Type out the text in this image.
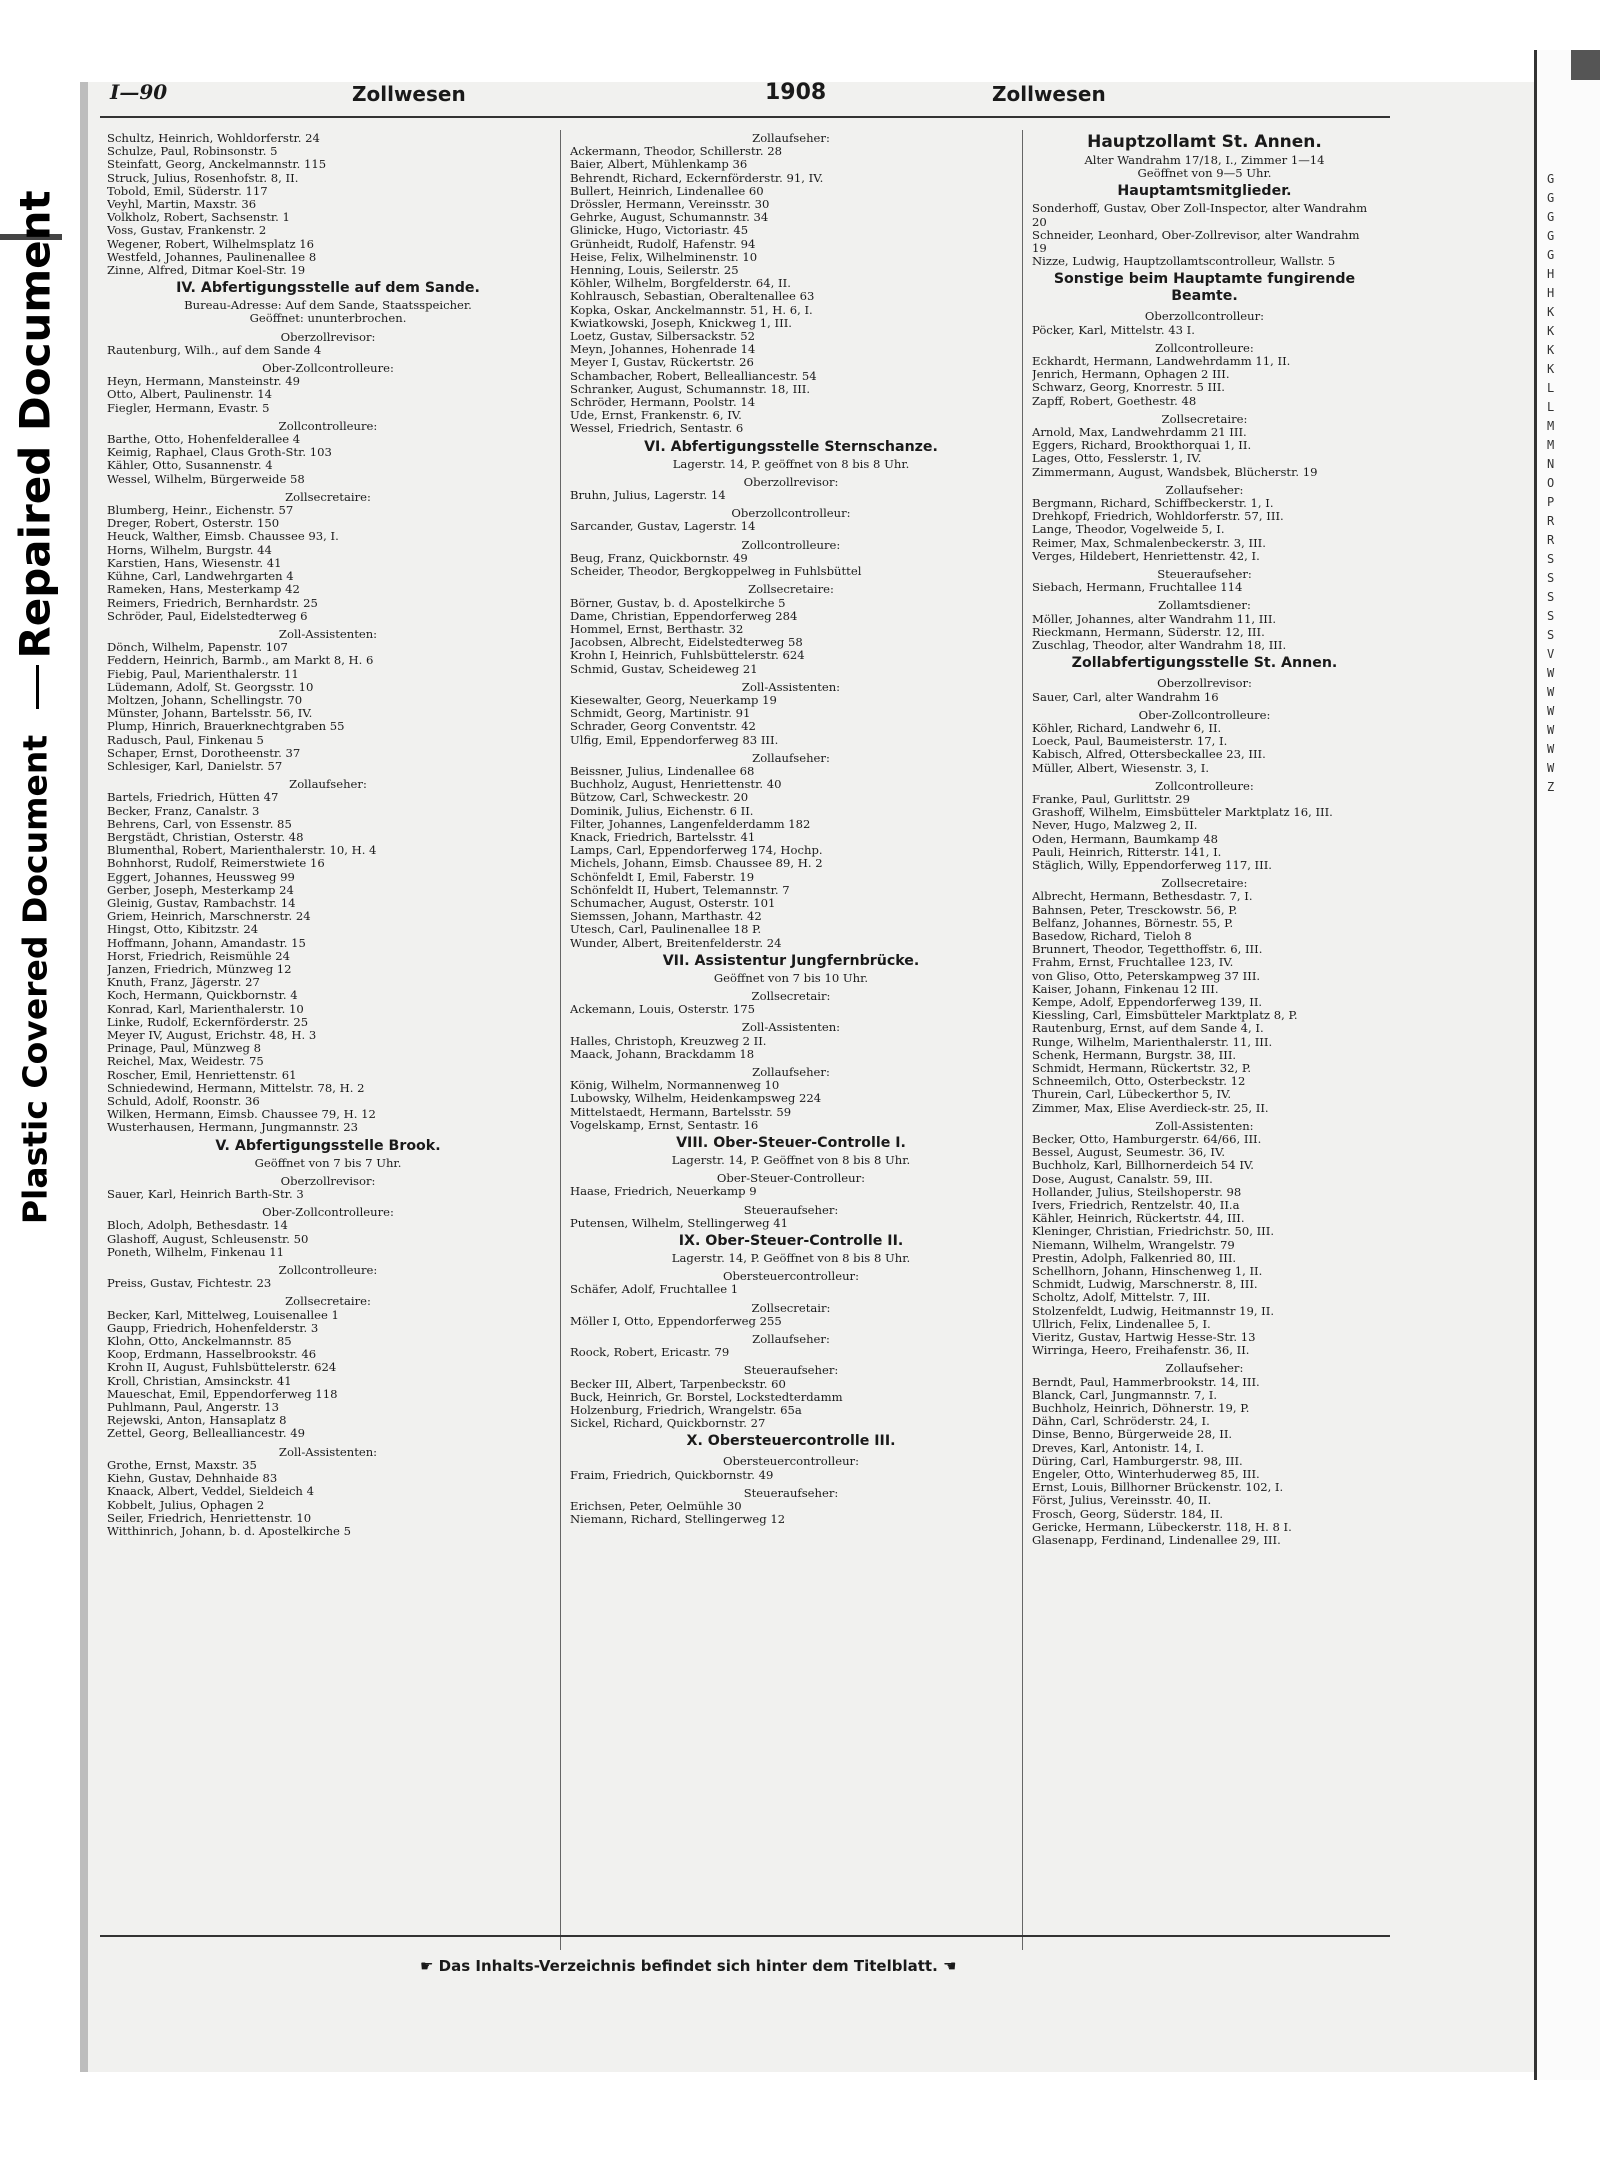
Repaired Document
Plastic Covered Document
G
G
G
G
G
H
H
K
K
K
K
L
L
M
M
N
O
P
R
R
S
S
S
S
S
V
W
W
W
W
W
W
Z
I—90	Zollwesen	1908	Zollwesen
Schultz, Heinrich, Wohldorferstr. 24
Schulze, Paul, Robinsonstr. 5
Steinfatt, Georg, Anckelmannstr. 115
Struck, Julius, Rosenhofstr. 8, II.
Tobold, Emil, Süderstr. 117
Veyhl, Martin, Maxstr. 36
Volkholz, Robert, Sachsenstr. 1
Voss, Gustav, Frankenstr. 2
Wegener, Robert, Wilhelmsplatz 16
Westfeld, Johannes, Paulinenallee 8
Zinne, Alfred, Ditmar Koel-Str. 19
IV. Abfertigungsstelle auf dem Sande.
Bureau-Adresse: Auf dem Sande, Staatsspeicher.
Geöffnet: ununterbrochen.
Oberzollrevisor:
Rautenburg, Wilh., auf dem Sande 4
Ober-Zollcontrolleure:
Heyn, Hermann, Mansteinstr. 49
Otto, Albert, Paulinenstr. 14
Fiegler, Hermann, Evastr. 5
Zollcontrolleure:
Barthe, Otto, Hohenfelderallee 4
Keimig, Raphael, Claus Groth-Str. 103
Kähler, Otto, Susannenstr. 4
Wessel, Wilhelm, Bürgerweide 58
Zollsecretaire:
Blumberg, Heinr., Eichenstr. 57
Dreger, Robert, Osterstr. 150
Heuck, Walther, Eimsb. Chaussee 93, I.
Horns, Wilhelm, Burgstr. 44
Karstien, Hans, Wiesenstr. 41
Kühne, Carl, Landwehrgarten 4
Rameken, Hans, Mesterkamp 42
Reimers, Friedrich, Bernhardstr. 25
Schröder, Paul, Eidelstedterweg 6
Zoll-Assistenten:
Dönch, Wilhelm, Papenstr. 107
Feddern, Heinrich, Barmb., am Markt 8, H. 6
Fiebig, Paul, Marienthalerstr. 11
Lüdemann, Adolf, St. Georgsstr. 10
Moltzen, Johann, Schellingstr. 70
Münster, Johann, Bartelsstr. 56, IV.
Plump, Hinrich, Brauerknechtgraben 55
Radusch, Paul, Finkenau 5
Schaper, Ernst, Dorotheenstr. 37
Schlesiger, Karl, Danielstr. 57
Zollaufseher:
Bartels, Friedrich, Hütten 47
Becker, Franz, Canalstr. 3
Behrens, Carl, von Essenstr. 85
Bergstädt, Christian, Osterstr. 48
Blumenthal, Robert, Marienthalerstr. 10, H. 4
Bohnhorst, Rudolf, Reimerstwiete 16
Eggert, Johannes, Heussweg 99
Gerber, Joseph, Mesterkamp 24
Gleinig, Gustav, Rambachstr. 14
Griem, Heinrich, Marschnerstr. 24
Hingst, Otto, Kibitzstr. 24
Hoffmann, Johann, Amandastr. 15
Horst, Friedrich, Reismühle 24
Janzen, Friedrich, Münzweg 12
Knuth, Franz, Jägerstr. 27
Koch, Hermann, Quickbornstr. 4
Konrad, Karl, Marienthalerstr. 10
Linke, Rudolf, Eckernförderstr. 25
Meyer IV, August, Erichstr. 48, H. 3
Prinage, Paul, Münzweg 8
Reichel, Max, Weidestr. 75
Roscher, Emil, Henriettenstr. 61
Schniedewind, Hermann, Mittelstr. 78, H. 2
Schuld, Adolf, Roonstr. 36
Wilken, Hermann, Eimsb. Chaussee 79, H. 12
Wusterhausen, Hermann, Jungmannstr. 23
V. Abfertigungsstelle Brook.
Geöffnet von 7 bis 7 Uhr.
Oberzollrevisor:
Sauer, Karl, Heinrich Barth-Str. 3
Ober-Zollcontrolleure:
Bloch, Adolph, Bethesdastr. 14
Glashoff, August, Schleusenstr. 50
Poneth, Wilhelm, Finkenau 11
Zollcontrolleure:
Preiss, Gustav, Fichtestr. 23
Zollsecretaire:
Becker, Karl, Mittelweg, Louisenallee 1
Gaupp, Friedrich, Hohenfelderstr. 3
Klohn, Otto, Anckelmannstr. 85
Koop, Erdmann, Hasselbrookstr. 46
Krohn II, August, Fuhlsbüttelerstr. 624
Kroll, Christian, Amsinckstr. 41
Maueschat, Emil, Eppendorferweg 118
Puhlmann, Paul, Angerstr. 13
Rejewski, Anton, Hansaplatz 8
Zettel, Georg, Bellealliancestr. 49
Zoll-Assistenten:
Grothe, Ernst, Maxstr. 35
Kiehn, Gustav, Dehnhaide 83
Knaack, Albert, Veddel, Sieldeich 4
Kobbelt, Julius, Ophagen 2
Seiler, Friedrich, Henriettenstr. 10
Witthinrich, Johann, b. d. Apostelkirche 5
Zollaufseher:
Ackermann, Theodor, Schillerstr. 28
Baier, Albert, Mühlenkamp 36
Behrendt, Richard, Eckernförderstr. 91, IV.
Bullert, Heinrich, Lindenallee 60
Drössler, Hermann, Vereinsstr. 30
Gehrke, August, Schumannstr. 34
Glinicke, Hugo, Victoriastr. 45
Grünheidt, Rudolf, Hafenstr. 94
Heise, Felix, Wilhelminenstr. 10
Henning, Louis, Seilerstr. 25
Köhler, Wilhelm, Borgfelderstr. 64, II.
Kohlrausch, Sebastian, Oberaltenallee 63
Kopka, Oskar, Anckelmannstr. 51, H. 6, I.
Kwiatkowski, Joseph, Knickweg 1, III.
Loetz, Gustav, Silbersackstr. 52
Meyn, Johannes, Hohenrade 14
Meyer I, Gustav, Rückertstr. 26
Schambacher, Robert, Bellealliancestr. 54
Schranker, August, Schumannstr. 18, III.
Schröder, Hermann, Poolstr. 14
Ude, Ernst, Frankenstr. 6, IV.
Wessel, Friedrich, Sentastr. 6
VI. Abfertigungsstelle Sternschanze.
Lagerstr. 14, P. geöffnet von 8 bis 8 Uhr.
Oberzollrevisor:
Bruhn, Julius, Lagerstr. 14
Oberzollcontrolleur:
Sarcander, Gustav, Lagerstr. 14
Zollcontrolleure:
Beug, Franz, Quickbornstr. 49
Scheider, Theodor, Bergkoppelweg in Fuhlsbüttel
Zollsecretaire:
Börner, Gustav, b. d. Apostelkirche 5
Dame, Christian, Eppendorferweg 284
Hommel, Ernst, Berthastr. 32
Jacobsen, Albrecht, Eidelstedterweg 58
Krohn I, Heinrich, Fuhlsbüttelerstr. 624
Schmid, Gustav, Scheideweg 21
Zoll-Assistenten:
Kiesewalter, Georg, Neuerkamp 19
Schmidt, Georg, Martinistr. 91
Schrader, Georg Conventstr. 42
Ulfig, Emil, Eppendorferweg 83 III.
Zollaufseher:
Beissner, Julius, Lindenallee 68
Buchholz, August, Henriettenstr. 40
Bützow, Carl, Schweckestr. 20
Dominik, Julius, Eichenstr. 6 II.
Filter, Johannes, Langenfelderdamm 182
Knack, Friedrich, Bartelsstr. 41
Lamps, Carl, Eppendorferweg 174, Hochp.
Michels, Johann, Eimsb. Chaussee 89, H. 2
Schönfeldt I, Emil, Faberstr. 19
Schönfeldt II, Hubert, Telemannstr. 7
Schumacher, August, Osterstr. 101
Siemssen, Johann, Marthastr. 42
Utesch, Carl, Paulinenallee 18 P.
Wunder, Albert, Breitenfelderstr. 24
VII. Assistentur Jungfernbrücke.
Geöffnet von 7 bis 10 Uhr.
Zollsecretair:
Ackemann, Louis, Osterstr. 175
Zoll-Assistenten:
Halles, Christoph, Kreuzweg 2 II.
Maack, Johann, Brackdamm 18
Zollaufseher:
König, Wilhelm, Normannenweg 10
Lubowsky, Wilhelm, Heidenkampsweg 224
Mittelstaedt, Hermann, Bartelsstr. 59
Vogelskamp, Ernst, Sentastr. 16
VIII. Ober-Steuer-Controlle I.
Lagerstr. 14, P. Geöffnet von 8 bis 8 Uhr.
Ober-Steuer-Controlleur:
Haase, Friedrich, Neuerkamp 9
Steueraufseher:
Putensen, Wilhelm, Stellingerweg 41
IX. Ober-Steuer-Controlle II.
Lagerstr. 14, P. Geöffnet von 8 bis 8 Uhr.
Obersteuercontrolleur:
Schäfer, Adolf, Fruchtallee 1
Zollsecretair:
Möller I, Otto, Eppendorferweg 255
Zollaufseher:
Roock, Robert, Ericastr. 79
Steueraufseher:
Becker III, Albert, Tarpenbeckstr. 60
Buck, Heinrich, Gr. Borstel, Lockstedterdamm
Holzenburg, Friedrich, Wrangelstr. 65a
Sickel, Richard, Quickbornstr. 27
X. Obersteuercontrolle III.
Obersteuercontrolleur:
Fraim, Friedrich, Quickbornstr. 49
Steueraufseher:
Erichsen, Peter, Oelmühle 30
Niemann, Richard, Stellingerweg 12
Hauptzollamt St. Annen.
Alter Wandrahm 17/18, I., Zimmer 1—14
Geöffnet von 9—5 Uhr.
Hauptamtsmitglieder.
Sonderhoff, Gustav, Ober Zoll-Inspector, alter Wandrahm 20
Schneider, Leonhard, Ober-Zollrevisor, alter Wandrahm 19
Nizze, Ludwig, Hauptzollamtscontrolleur, Wallstr. 5
Sonstige beim Hauptamte fungirende Beamte.
Oberzollcontrolleur:
Pöcker, Karl, Mittelstr. 43 I.
Zollcontrolleure:
Eckhardt, Hermann, Landwehrdamm 11, II.
Jenrich, Hermann, Ophagen 2 III.
Schwarz, Georg, Knorrestr. 5 III.
Zapff, Robert, Goethestr. 48
Zollsecretaire:
Arnold, Max, Landwehrdamm 21 III.
Eggers, Richard, Brookthorquai 1, II.
Lages, Otto, Fesslerstr. 1, IV.
Zimmermann, August, Wandsbek, Blücherstr. 19
Zollaufseher:
Bergmann, Richard, Schiffbeckerstr. 1, I.
Drehkopf, Friedrich, Wohldorferstr. 57, III.
Lange, Theodor, Vogelweide 5, I.
Reimer, Max, Schmalenbeckerstr. 3, III.
Verges, Hildebert, Henriettenstr. 42, I.
Steueraufseher:
Siebach, Hermann, Fruchtallee 114
Zollamtsdiener:
Möller, Johannes, alter Wandrahm 11, III.
Rieckmann, Hermann, Süderstr. 12, III.
Zuschlag, Theodor, alter Wandrahm 18, III.
Zollabfertigungsstelle St. Annen.
Oberzollrevisor:
Sauer, Carl, alter Wandrahm 16
Ober-Zollcontrolleure:
Köhler, Richard, Landwehr 6, II.
Loeck, Paul, Baumeisterstr. 17, I.
Kabisch, Alfred, Ottersbeckallee 23, III.
Müller, Albert, Wiesenstr. 3, I.
Zollcontrolleure:
Franke, Paul, Gurlittstr. 29
Grashoff, Wilhelm, Eimsbütteler Marktplatz 16, III.
Never, Hugo, Malzweg 2, II.
Oden, Hermann, Baumkamp 48
Pauli, Heinrich, Ritterstr. 141, I.
Stäglich, Willy, Eppendorferweg 117, III.
Zollsecretaire:
Albrecht, Hermann, Bethesdastr. 7, I.
Bahnsen, Peter, Tresckowstr. 56, P.
Belfanz, Johannes, Börnestr. 55, P.
Basedow, Richard, Tieloh 8
Brunnert, Theodor, Tegetthoffstr. 6, III.
Frahm, Ernst, Fruchtallee 123, IV.
von Gliso, Otto, Peterskampweg 37 III.
Kaiser, Johann, Finkenau 12 III.
Kempe, Adolf, Eppendorferweg 139, II.
Kiessling, Carl, Eimsbütteler Marktplatz 8, P.
Rautenburg, Ernst, auf dem Sande 4, I.
Runge, Wilhelm, Marienthalerstr. 11, III.
Schenk, Hermann, Burgstr. 38, III.
Schmidt, Hermann, Rückertstr. 32, P.
Schneemilch, Otto, Osterbeckstr. 12
Thurein, Carl, Lübeckerthor 5, IV.
Zimmer, Max, Elise Averdieck-str. 25, II.
Zoll-Assistenten:
Becker, Otto, Hamburgerstr. 64/66, III.
Bessel, August, Seumestr. 36, IV.
Buchholz, Karl, Billhornerdeich 54 IV.
Dose, August, Canalstr. 59, III.
Hollander, Julius, Steilshoperstr. 98
Ivers, Friedrich, Rentzelstr. 40, II.a
Kähler, Heinrich, Rückertstr. 44, III.
Kleninger, Christian, Friedrichstr. 50, III.
Niemann, Wilhelm, Wrangelstr. 79
Prestin, Adolph, Falkenried 80, III.
Schellhorn, Johann, Hinschenweg 1, II.
Schmidt, Ludwig, Marschnerstr. 8, III.
Scholtz, Adolf, Mittelstr. 7, III.
Stolzenfeldt, Ludwig, Heitmannstr 19, II.
Ullrich, Felix, Lindenallee 5, I.
Vieritz, Gustav, Hartwig Hesse-Str. 13
Wirringa, Heero, Freihafenstr. 36, II.
Zollaufseher:
Berndt, Paul, Hammerbrookstr. 14, III.
Blanck, Carl, Jungmannstr. 7, I.
Buchholz, Heinrich, Döhnerstr. 19, P.
Dähn, Carl, Schröderstr. 24, I.
Dinse, Benno, Bürgerweide 28, II.
Dreves, Karl, Antonistr. 14, I.
Düring, Carl, Hamburgerstr. 98, III.
Engeler, Otto, Winterhuderweg 85, III.
Ernst, Louis, Billhorner Brückenstr. 102, I.
Först, Julius, Vereinsstr. 40, II.
Frosch, Georg, Süderstr. 184, II.
Gericke, Hermann, Lübeckerstr. 118, H. 8 I.
Glasenapp, Ferdinand, Lindenallee 29, III.
☛ Das Inhalts-Verzeichnis befindet sich hinter dem Titelblatt. ☚
